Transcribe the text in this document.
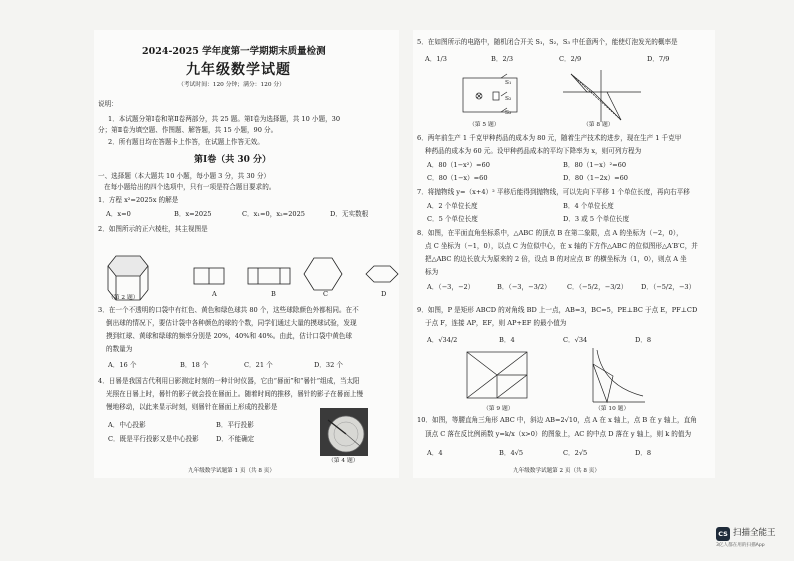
2024-2025 学年度第一学期期末质量检测
九年级数学试题
（考试时间：120 分钟；满分：120 分）
说明：
1．本试题分第Ⅰ卷和第Ⅱ卷两部分，共 25 题。第Ⅰ卷为选择题，共 10 小题，30
分；第Ⅱ卷为填空题、作图题、解答题，共 15 小题，90 分。
2．所有题目均在答题卡上作答，在试题上作答无效。
第Ⅰ卷（共 30 分）
一、选择题（本大题共 10 小题，每小题 3 分，共 30 分）
在每小题给出的四个选项中，只有一项是符合题目要求的。
1．方程 x²=2025x 的解是
A．x=0	B．x=2025	C．x₁=0，x₂=2025	D．无实数根
2．如图所示的正六棱柱，其主视图是
（第 2 题）	A	B	C	D
3．在一个不透明的口袋中有红色、黄色和绿色球共 80 个，这些球除颜色外都相同。在不
倒出球的情况下，要估计袋中各种颜色的球的个数，同学们通过大量的摸球试验，发现
摸到红球、黄球和绿球的频率分别是 20%，40%和 40%。由此，估计口袋中黄色球
的数量为
A．16 个	B．18 个	C．21 个	D．32 个
4．日晷是我国古代利用日影测定时刻的一种计时仪器，它由“晷面”和“晷针”组成，当太阳
光照在日晷上时，晷针的影子就会投在晷面上。随着时间的推移，晷针的影子在晷面上慢
慢地移动，以此来显示时刻，则晷针在晷面上形成的投影是
A．中心投影	B．平行投影
C．既是平行投影又是中心投影	D．不能确定
（第 4 题）
九年级数学试题第 1 页（共 8 页）
5．在如图所示的电路中，随机闭合开关 S₁，S₂，S₃ 中任意两个，能使灯泡发光的概率是
A．1/3	B．2/3	C．2/9	D．7/9
S₁
S₂
S₃
（第 5 题）	（第 8 题）
6．两年前生产 1 千克甲种药品的成本为 80 元，随着生产技术的进步，现在生产 1 千克甲
种药品的成本为 60 元。设甲种药品成本的平均下降率为 x，则可列方程为
A．80（1−x²）=60	B．80（1−x）²=60
C．80（1−x）=60	D．80（1−2x）=60
7．将抛物线 y=（x+4）² 平移后能得到抛物线，可以先向下平移 1 个单位长度，再向右平移
A．2 个单位长度	B．4 个单位长度
C．5 个单位长度	D．3 或 5 个单位长度
8．如图，在平面直角坐标系中，△ABC 的顶点 B 在第二象限，点 A 的坐标为（−2，0），
点 C 坐标为（−1，0），以点 C 为位似中心，在 x 轴的下方作△ABC 的位似图形△A′B′C，并
把△ABC 的边长放大为原来的 2 倍，设点 B 的对应点 B′ 的横坐标为（1，0），则点 A 坐
标为
A．（−3，−2）	B．（−3，−3/2） C．（−5/2，−3/2） D．（−5/2，−3）
9．如图，P 是矩形 ABCD 的对角线 BD 上一点，AB=3，BC=5，PE⊥BC 于点 E，PF⊥CD
于点 F，连接 AP，EF，则 AP+EF 的最小值为
A．√34/2	B．4	C．√34	D．8
（第 9 题）	（第 10 题）
10．如图，等腰直角三角形 ABC 中，斜边 AB=2√10，点 A 在 x 轴上，点 B 在 y 轴上，直角
顶点 C 落在反比例函数 y=k/x（x>0）的图象上，AC 的中点 D 落在 y 轴上，则 k 的值为
A．4	B．4√5	C．2√5	D．8
九年级数学试题第 2 页（共 8 页）
CS 扫描全能王
3亿人都在用的扫描App
